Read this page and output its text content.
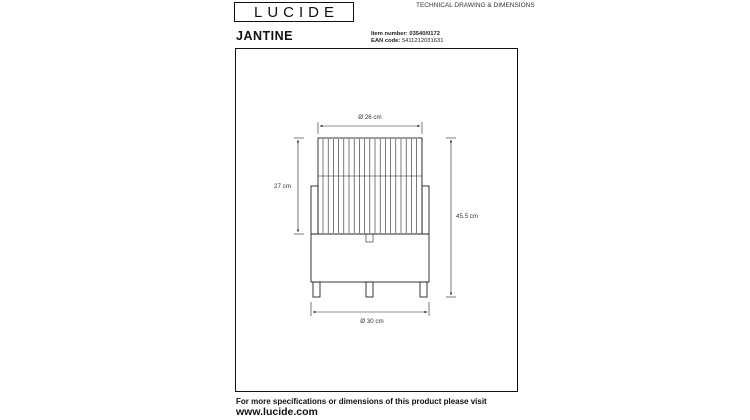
LUCIDE	TECHNICAL DRAWING & DIMENSIONS
JANTINE	Item number: 03540/0172
EAN code: 5411212031631
Ø 26 cm
27 cm
45.5 cm
Ø 30 cm
For more specifications or dimensions of this product please visit
www.lucide.com
